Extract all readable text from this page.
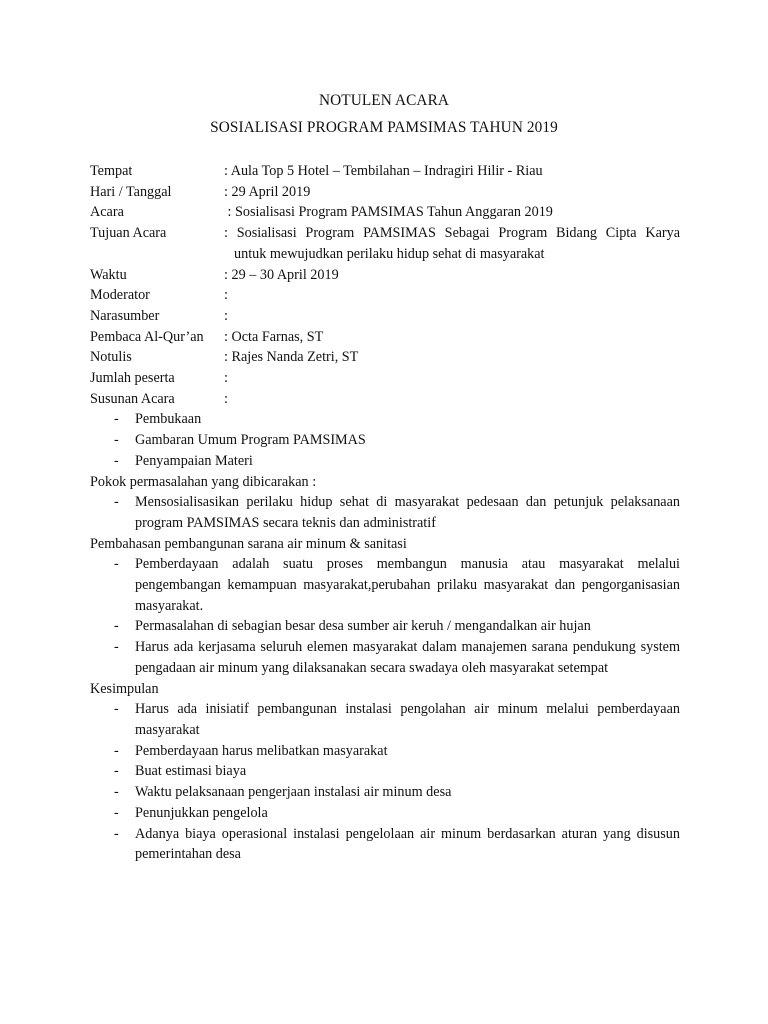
NOTULEN ACARA
SOSIALISASI PROGRAM PAMSIMAS TAHUN 2019
Tempat	: Aula Top 5 Hotel – Tembilahan – Indragiri Hilir - Riau
Hari / Tanggal	: 29 April 2019
Acara	: Sosialisasi Program PAMSIMAS Tahun Anggaran 2019
Tujuan Acara	: Sosialisasi Program PAMSIMAS Sebagai Program Bidang Cipta Karya
untuk mewujudkan perilaku hidup sehat di masyarakat
Waktu	: 29 – 30 April 2019
Moderator	:
Narasumber	:
Pembaca Al-Qur’an	: Octa Farnas, ST
Notulis	: Rajes Nanda Zetri, ST
Jumlah peserta	:
Susunan Acara	:
- Pembukaan
- Gambaran Umum Program PAMSIMAS
- Penyampaian Materi
Pokok permasalahan yang dibicarakan :
- Mensosialisasikan perilaku hidup sehat di masyarakat pedesaan dan petunjuk pelaksanaan program PAMSIMAS secara teknis dan administratif
Pembahasan pembangunan sarana air minum & sanitasi
- Pemberdayaan adalah suatu proses membangun manusia atau masyarakat melalui pengembangan kemampuan masyarakat,perubahan prilaku masyarakat dan pengorganisasian masyarakat.
- Permasalahan di sebagian besar desa sumber air keruh / mengandalkan air hujan
- Harus ada kerjasama seluruh elemen masyarakat dalam manajemen sarana pendukung system pengadaan air minum yang dilaksanakan secara swadaya oleh masyarakat setempat
Kesimpulan
- Harus ada inisiatif pembangunan instalasi pengolahan air minum melalui pemberdayaan masyarakat
- Pemberdayaan harus melibatkan masyarakat
- Buat estimasi biaya
- Waktu pelaksanaan pengerjaan instalasi air minum desa
- Penunjukkan pengelola
- Adanya biaya operasional instalasi pengelolaan air minum berdasarkan aturan yang disusun pemerintahan desa
